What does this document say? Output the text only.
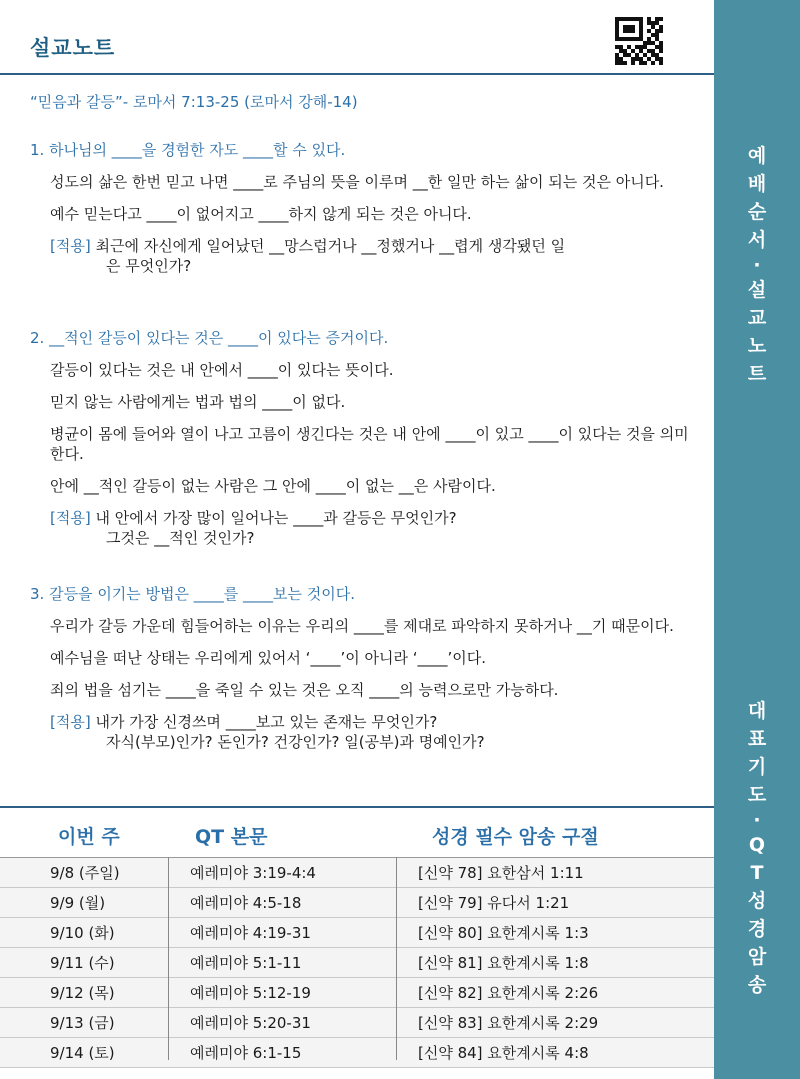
설교노트
“믿음과 갈등”- 로마서 7:13-25 (로마서 강해-14)

1. 하나님의 ____을 경험한 자도 ____할 수 있다.

성도의 삶은 한번 믿고 나면 ____로 주님의 뜻을 이루며 __한 일만 하는 삶이 되는 것은 아니다.

예수 믿는다고 ____이 없어지고 ____하지 않게 되는 것은 아니다.

[적용] 최근에 자신에게 일어났던 __망스럽거나 __정했거나 __렵게 생각됐던 일
은 무엇인가?

2. __적인 갈등이 있다는 것은 ____이 있다는 증거이다.

갈등이 있다는 것은 내 안에서 ____이 있다는 뜻이다.

믿지 않는 사람에게는 법과 법의 ____이 없다.

병균이 몸에 들어와 열이 나고 고름이 생긴다는 것은 내 안에 ____이 있고 ____이 있다는 것을 의미한다.

안에 __적인 갈등이 없는 사람은 그 안에 ____이 없는 __은 사람이다.

[적용] 내 안에서 가장 많이 일어나는 ____과 갈등은 무엇인가?
그것은 __적인 것인가?

3. 갈등을 이기는 방법은 ____를 ____보는 것이다.

우리가 갈등 가운데 힘들어하는 이유는 우리의 ____를 제대로 파악하지 못하거나 __기 때문이다.

예수님을 떠난 상태는 우리에게 있어서 ‘____’이 아니라 ‘____’이다.

죄의 법을 섬기는 ____을 죽일 수 있는 것은 오직 ____의 능력으로만 가능하다.

[적용] 내가 가장 신경쓰며 ____보고 있는 존재는 무엇인가?
자식(부모)인가? 돈인가? 건강인가? 일(공부)과 명예인가?

이번 주	QT 본문	성경 필수 암송 구절
9/8 (주일)	예레미야 3:19-4:4	[신약 78] 요한삼서 1:11
9/9 (월)	예레미야 4:5-18	[신약 79] 유다서 1:21
9/10 (화)	예레미야 4:19-31	[신약 80] 요한계시록 1:3
9/11 (수)	예레미야 5:1-11	[신약 81] 요한계시록 1:8
9/12 (목)	예레미야 5:12-19	[신약 82] 요한계시록 2:26
9/13 (금)	예레미야 5:20-31	[신약 83] 요한계시록 2:29
9/14 (토)	예레미야 6:1-15	[신약 84] 요한계시록 4:8
예
배
순
서
·
설
교
노
트
대
표
기
도
·
Q
T
성
경
암
송
